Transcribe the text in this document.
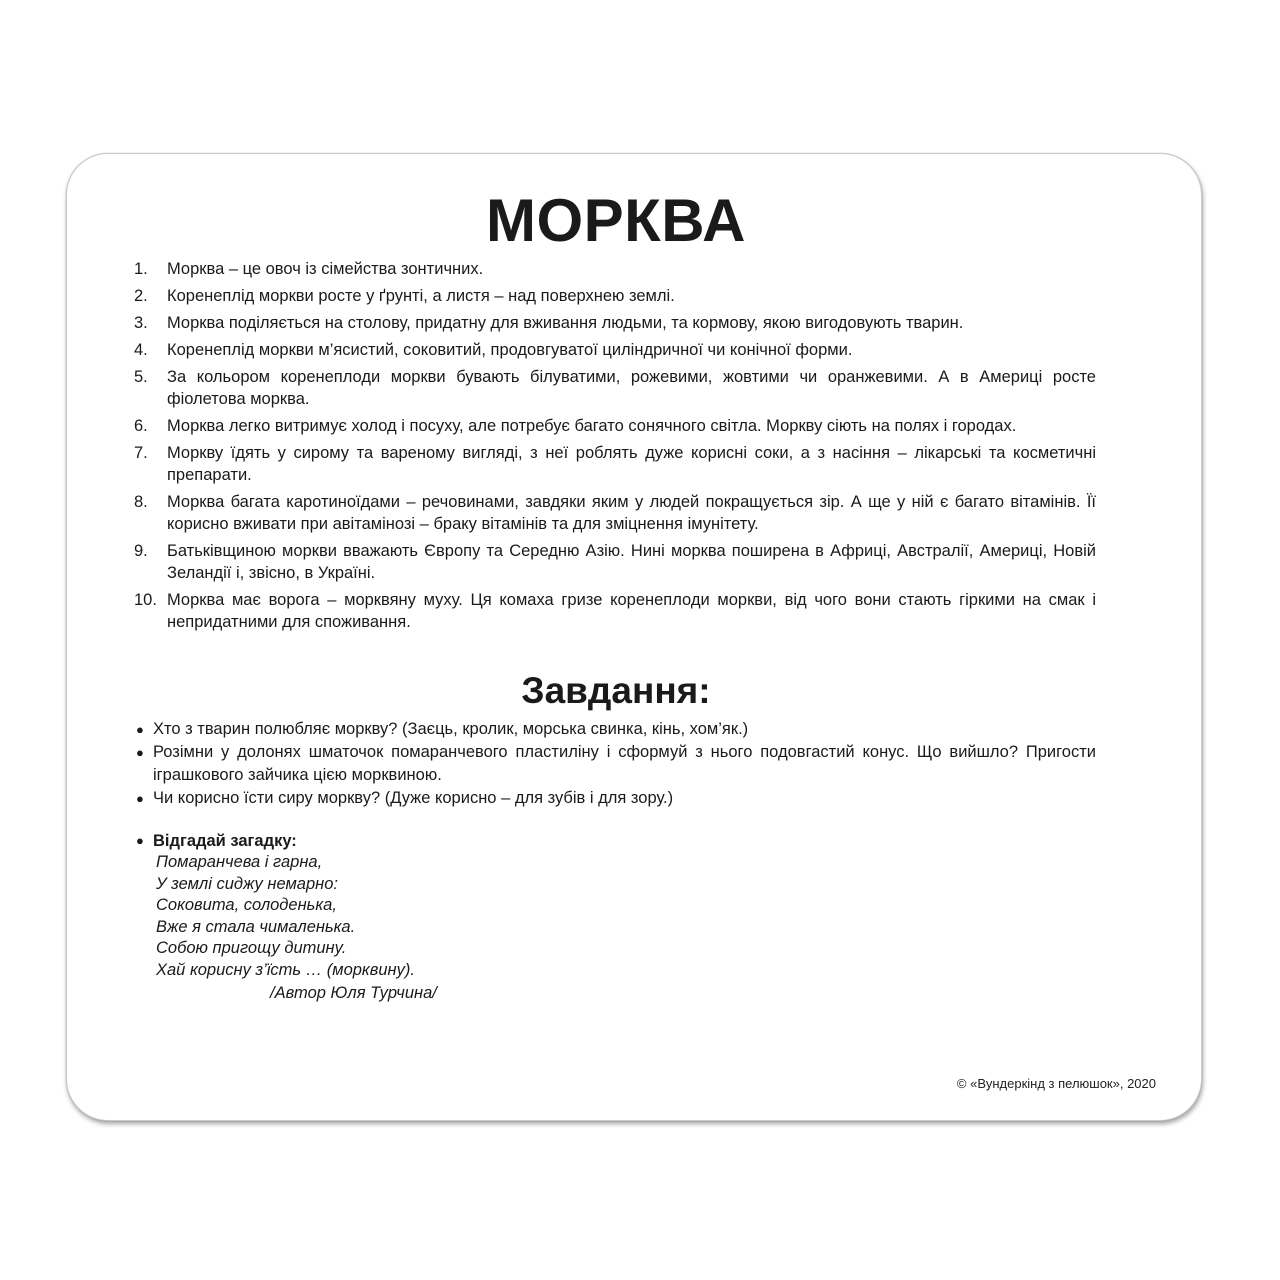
МОРКВА
1. Морква – це овоч із сімейства зонтичних.
2. Коренеплід моркви росте у ґрунті, а листя – над поверхнею землі.
3. Морква поділяється на столову, придатну для вживання людьми, та кормову, якою вигодовують тварин.
4. Коренеплід моркви м’ясистий, соковитий, продовгуватої циліндричної чи конічної форми.
5. За кольором коренеплоди моркви бувають білуватими, рожевими, жовтими чи оранжевими. А в Америці росте фіолетова морква.
6. Морква легко витримує холод і посуху, але потребує багато сонячного світла. Моркву сіють на полях і городах.
7. Моркву їдять у сирому та вареному вигляді, з неї роблять дуже корисні соки, а з насіння – лікарські та косметичні препарати.
8. Морква багата каротиноїдами – речовинами, завдяки яким у людей покращується зір. А ще у ній є багато вітамінів. Її корисно вживати при авітамінозі – браку вітамінів та для зміцнення імунітету.
9. Батьківщиною моркви вважають Європу та Середню Азію. Нині морква поширена в Африці, Австралії, Америці, Новій Зеландії і, звісно, в Україні.
10. Морква має ворога – морквяну муху. Ця комаха гризе коренеплоди моркви, від чого вони стають гіркими на смак і непридатними для споживання.
Завдання:
● Хто з тварин полюбляє моркву? (Заєць, кролик, морська свинка, кінь, хом’як.)
● Розімни у долонях шматочок помаранчевого пластиліну і сформуй з нього подовгастий конус. Що вийшло? Пригости іграшкового зайчика цією морквиною.
● Чи корисно їсти сиру моркву? (Дуже корисно – для зубів і для зору.)
● Відгадай загадку:
Помаранчева і гарна,
У землі сиджу немарно:
Соковита, солоденька,
Вже я стала чималенька.
Собою пригощу дитину.
Хай корисну з’їсть … (морквину).
/Автор Юля Турчина/
© «Вундеркінд з пелюшок», 2020
